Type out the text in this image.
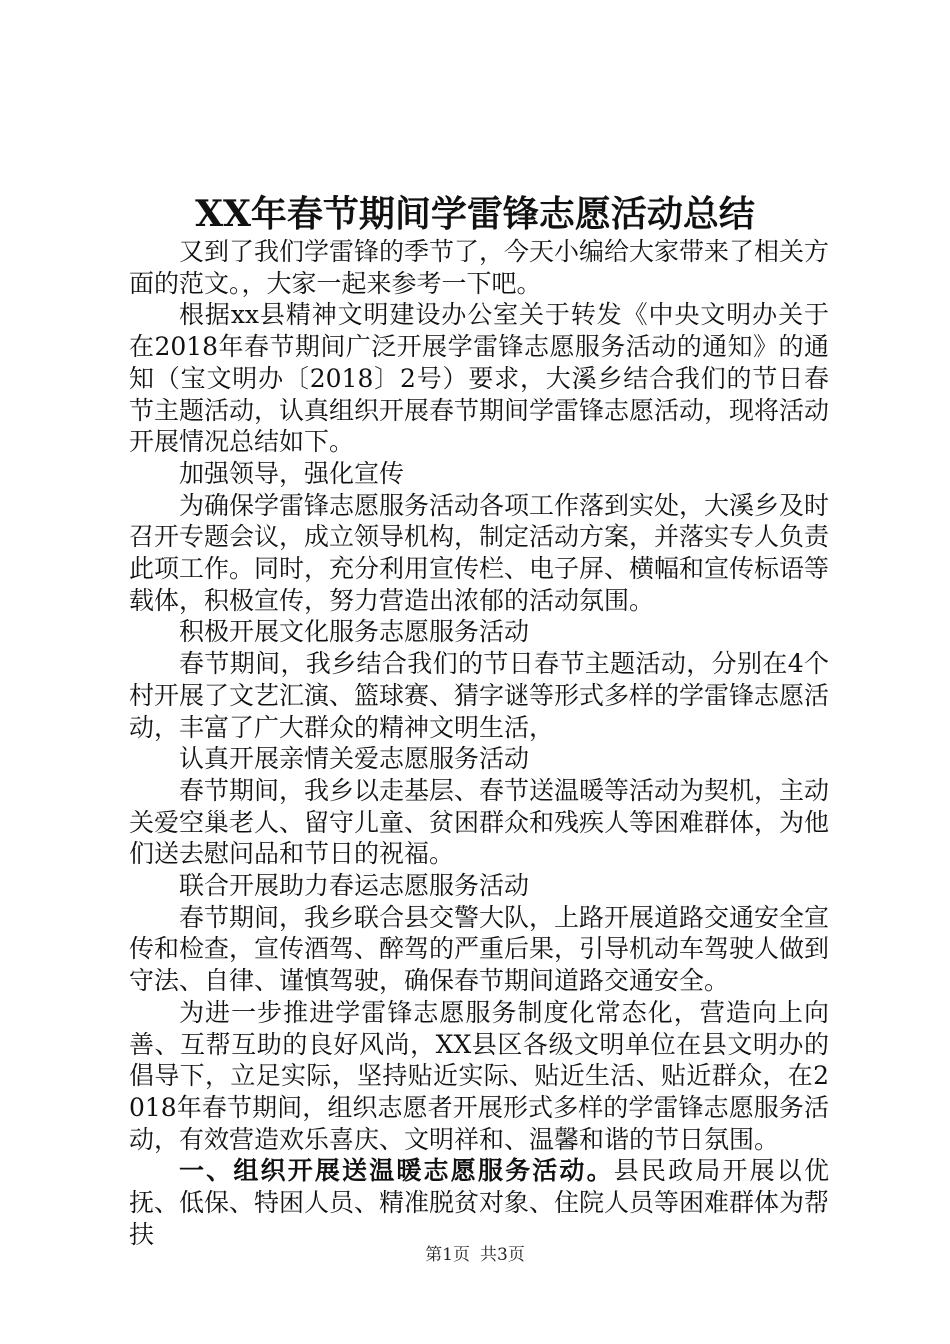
XX年春节期间学雷锋志愿活动总结

又到了我们学雷锋的季节了，今天小编给大家带来了相关方面的范文。，大家一起来参考一下吧。

根据xx县精神文明建设办公室关于转发《中央文明办关于在2018年春节期间广泛开展学雷锋志愿服务活动的通知》的通知（宝文明办〔2018〕2号）要求，大溪乡结合我们的节日春节主题活动，认真组织开展春节期间学雷锋志愿活动，现将活动开展情况总结如下。

加强领导，强化宣传

为确保学雷锋志愿服务活动各项工作落到实处，大溪乡及时召开专题会议，成立领导机构，制定活动方案，并落实专人负责此项工作。同时，充分利用宣传栏、电子屏、横幅和宣传标语等载体，积极宣传，努力营造出浓郁的活动氛围。

积极开展文化服务志愿服务活动

春节期间，我乡结合我们的节日春节主题活动，分别在4个村开展了文艺汇演、篮球赛、猜字谜等形式多样的学雷锋志愿活动，丰富了广大群众的精神文明生活，

认真开展亲情关爱志愿服务活动

春节期间，我乡以走基层、春节送温暖等活动为契机，主动关爱空巢老人、留守儿童、贫困群众和残疾人等困难群体，为他们送去慰问品和节日的祝福。

联合开展助力春运志愿服务活动

春节期间，我乡联合县交警大队，上路开展道路交通安全宣传和检查，宣传酒驾、醉驾的严重后果，引导机动车驾驶人做到守法、自律、谨慎驾驶，确保春节期间道路交通安全。

为进一步推进学雷锋志愿服务制度化常态化，营造向上向善、互帮互助的良好风尚，XX县区各级文明单位在县文明办的倡导下，立足实际，坚持贴近实际、贴近生活、贴近群众，在2018年春节期间，组织志愿者开展形式多样的学雷锋志愿服务活动，有效营造欢乐喜庆、文明祥和、温馨和谐的节日氛围。

一、组织开展送温暖志愿服务活动。县民政局开展以优抚、低保、特困人员、精准脱贫对象、住院人员等困难群体为帮扶

第1页 共3页
